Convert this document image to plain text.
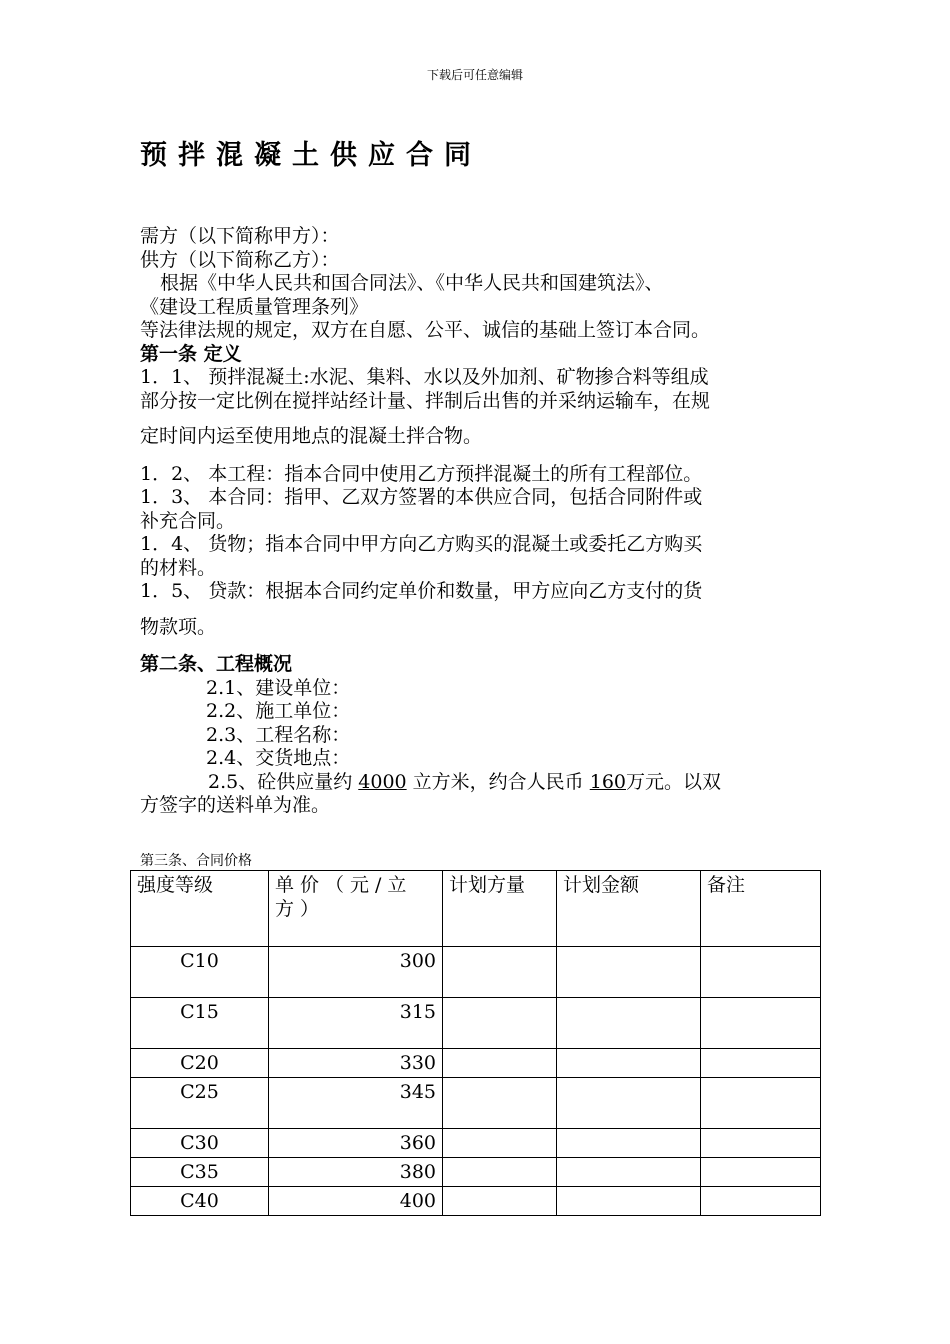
下载后可任意编辑
预拌混凝土供应合同
需方（以下简称甲方）：
供方（以下简称乙方）：
根据《中华人民共和国合同法》、《中华人民共和国建筑法》、
《建设工程质量管理条列》
等法律法规的规定，双方在自愿、公平、诚信的基础上签订本合同。
第一条 定义
1．1、 预拌混凝土:水泥、集料、水以及外加剂、矿物掺合料等组成
部分按一定比例在搅拌站经计量、拌制后出售的并采纳运输车，在规
定时间内运至使用地点的混凝土拌合物。
1．2、 本工程：指本合同中使用乙方预拌混凝土的所有工程部位。
1．3、 本合同：指甲、乙双方签署的本供应合同，包括合同附件或
补充合同。
1．4、 货物；指本合同中甲方向乙方购买的混凝土或委托乙方购买
的材料。
1．5、 贷款：根据本合同约定单价和数量，甲方应向乙方支付的货
物款项。
第二条、工程概况
2.1、建设单位：
2.2、施工单位：
2.3、工程名称：
2.4、交货地点：
2.5、砼供应量约 4000 立方米，约合人民币 160万元。以双
方签字的送料单为准。
第三条、合同价格
强度等级	单价（元/立方）	计划方量	计划金额	备注
C10	300			
C15	315			
C20	330			
C25	345			
C30	360			
C35	380			
C40	400			
